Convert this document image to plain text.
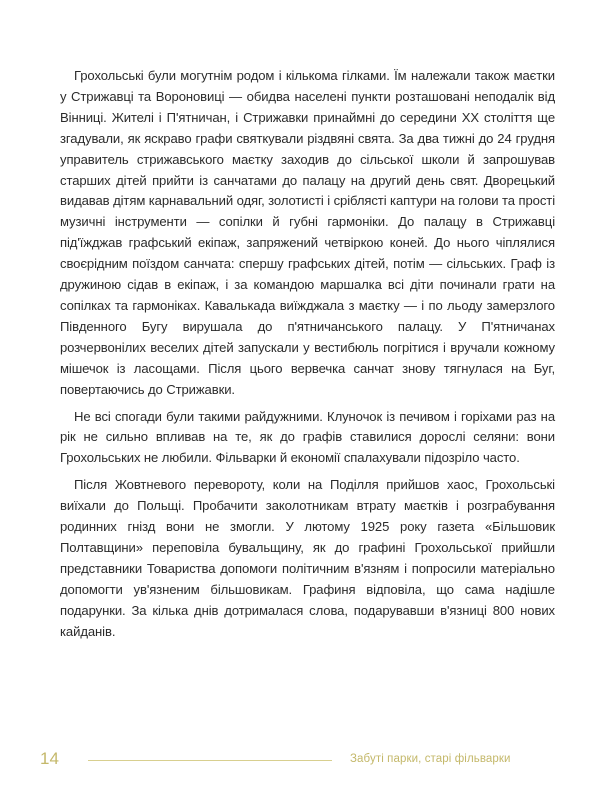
Грохольські були могутнім родом і кількома гілками. Їм належали також маєтки у Стрижавці та Вороновиці — обидва населені пункти розташовані неподалік від Вінниці. Жителі і П'ятничан, і Стрижавки принаймні до середини XX століття ще згадували, як яскраво графи святкували різдвяні свята. За два тижні до 24 грудня управитель стрижавського маєтку заходив до сільської школи й запрошував старших дітей прийти із санчатами до палацу на другий день свят. Дворецький видавав дітям карнавальний одяг, золотисті і сріблясті каптури на голови та прості музичні інструменти — сопілки й губні гармоніки. До палацу в Стрижавці під'їжджав графський екіпаж, запряжений четвіркою коней. До нього чіплялися своєрідним поїздом санчата: спершу графських дітей, потім — сільських. Граф із дружиною сідав в екіпаж, і за командою маршалка всі діти починали грати на сопілках та гармоніках. Кавалькада виїжджала з маєтку — і по льоду замерзлого Південного Бугу вирушала до п'ятничанського палацу. У П'ятничанах розчервонілих веселих дітей запускали у вестибюль погрітися і вручали кожному мішечок із ласощами. Після цього вервечка санчат знову тягнулася на Буг, повертаючись до Стрижавки.

Не всі спогади були такими райдужними. Клуночок із печивом і горіхами раз на рік не сильно впливав на те, як до графів ставилися дорослі селяни: вони Грохольських не любили. Фільварки й економії спалахували підозріло часто.

Після Жовтневого перевороту, коли на Поділля прийшов хаос, Грохольські виїхали до Польщі. Пробачити заколотникам втрату маєтків і розграбування родинних гнізд вони не змогли. У лютому 1925 року газета «Більшовик Полтавщини» переповіла бувальщину, як до графині Грохольської прийшли представники Товариства допомоги політичним в'язням і попросили матеріально допомогти ув'язненим більшовикам. Графиня відповіла, що сама надішле подарунки. За кілька днів дотрималася слова, подарувавши в'язниці 800 нових кайданів.

14	Забуті парки, старі фільварки
